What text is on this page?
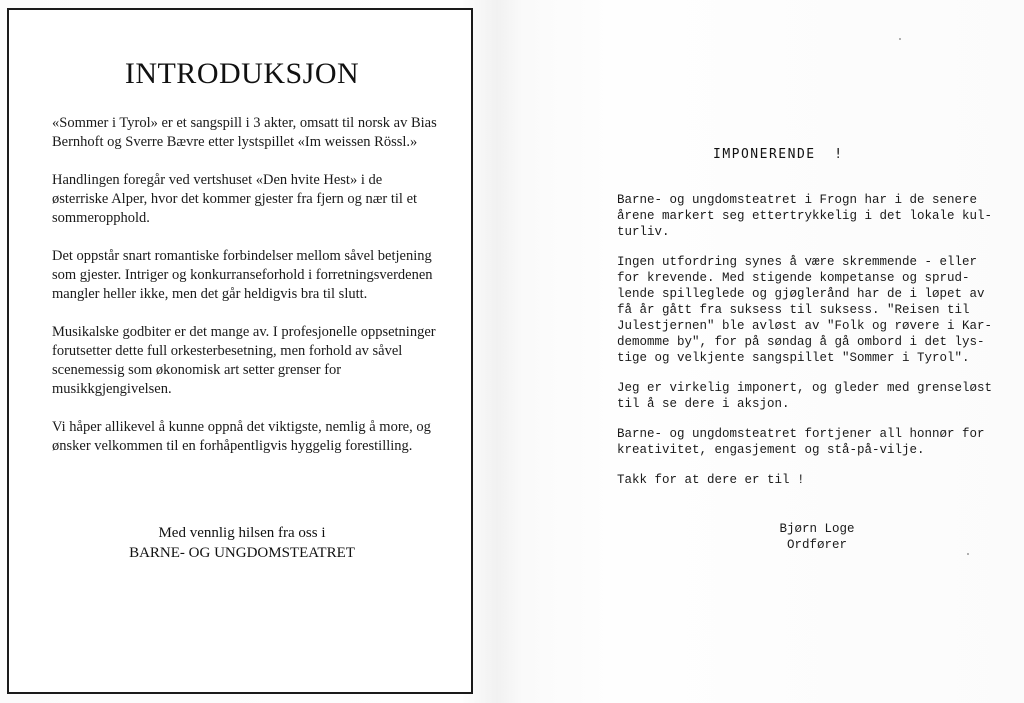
INTRODUKSJON

«Sommer i Tyrol» er et sangspill i 3 akter, omsatt til norsk av Bias Bernhoft og Sverre Bævre etter lystspillet «Im weissen Rössl.»

Handlingen foregår ved vertshuset «Den hvite Hest» i de østerriske Alper, hvor det kommer gjester fra fjern og nær til et sommeropphold.

Det oppstår snart romantiske forbindelser mellom såvel betjening som gjester. Intriger og konkurranseforhold i forretningsverdenen mangler heller ikke, men det går heldigvis bra til slutt.

Musikalske godbiter er det mange av. I profesjonelle oppsetninger forutsetter dette full orkesterbesetning, men forhold av såvel scenemessig som økonomisk art setter grenser for musikkgjengivelsen.

Vi håper allikevel å kunne oppnå det viktigste, nemlig å more, og ønsker velkommen til en forhåpentligvis hyggelig forestilling.

Med vennlig hilsen fra oss i
BARNE- OG UNGDOMSTEATRET
IMPONERENDE  !

Barne- og ungdomsteatret i Frogn har i de senere
årene markert seg ettertrykkelig i det lokale kul-
turliv.

Ingen utfordring synes å være skremmende - eller
for krevende. Med stigende kompetanse og sprud-
lende spilleglede og gjøglerånd har de i løpet av
få år gått fra suksess til suksess. "Reisen til
Julestjernen" ble avløst av "Folk og røvere i Kar-
demomme by", for på søndag å gå ombord i det lys-
tige og velkjente sangspillet "Sommer i Tyrol".

Jeg er virkelig imponert, og gleder med grenseløst
til å se dere i aksjon.

Barne- og ungdomsteatret fortjener all honnør for
kreativitet, engasjement og stå-på-vilje.

Takk for at dere er til !

Bjørn Loge
Ordfører
